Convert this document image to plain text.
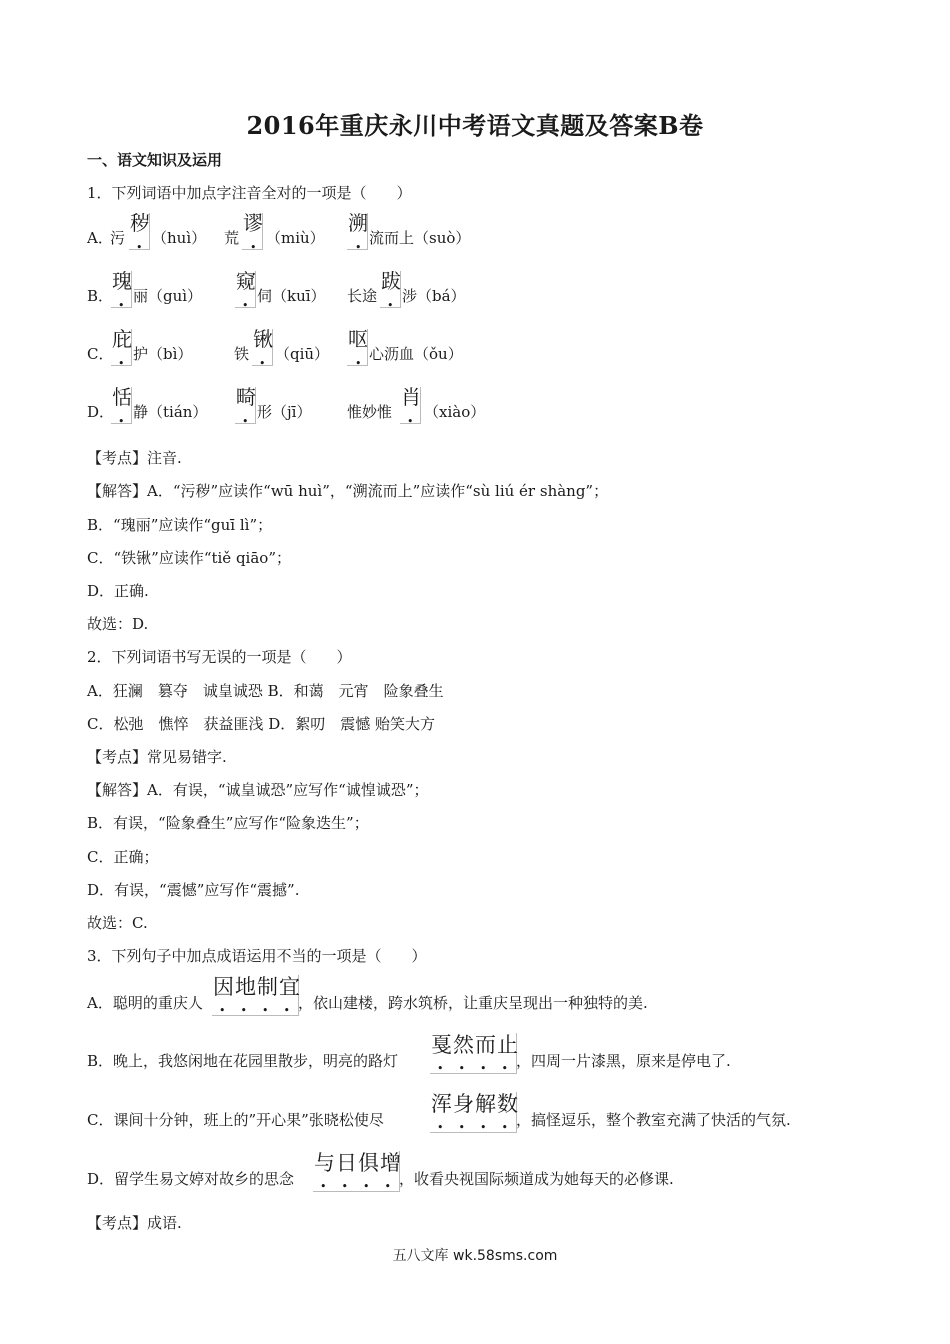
2016年重庆永川中考语文真题及答案B卷
一、语文知识及运用
1．下列词语中加点字注音全对的一项是（　　）
A．
污
秽
•
（huì） 荒
谬
•
（miù）
溯
•
流而上（suò）
B．
瑰
•
丽（guì）
窥
•
伺（kuī） 长途
跋
•
涉（bá）
C．
庇
•
护（bì）	铁
锹
•
（qiū）
呕
•
心沥血（ǒu）
D．
恬
•
静（tián）
畸
•
形（jī） 惟妙惟
肖
•
（xiào）
【考点】注音.
【解答】A．“污秽”应读作“wū huì”，“溯流而上”应读作“sù liú ér shàng”；
B．“瑰丽”应读作“guī lì”；
C．“铁锹”应读作“tiě qiāo”；
D．正确.
故选：D.
2．下列词语书写无误的一项是（　　）
A．狂澜　篡夺　诚皇诚恐 B．和蔼　元宵　险象叠生
C．松弛　憔悴　获益匪浅 D．絮叨　震憾 贻笑大方
【考点】常见易错字.
【解答】A．有误，“诚皇诚恐”应写作“诚惶诚恐”；
B．有误，“险象叠生”应写作“险象迭生”；
C．正确；
D．有误，“震憾”应写作“震撼”.
故选：C.
3．下列句子中加点成语运用不当的一项是（　　）
A．聪明的重庆人
因地制宜
••••
，依山建楼，跨水筑桥，让重庆呈现出一种独特的美.
B．晚上，我悠闲地在花园里散步，明亮的路灯
戛然而止
••••
，四周一片漆黑，原来是停电了.
C．课间十分钟，班上的”开心果”张晓松使尽
浑身解数
••••
，搞怪逗乐，整个教室充满了快活的气氛.
D．留学生易文婷对故乡的思念
与日俱增
••••
，收看央视国际频道成为她每天的必修课.
【考点】成语.
五八文库 wk.58sms.com
